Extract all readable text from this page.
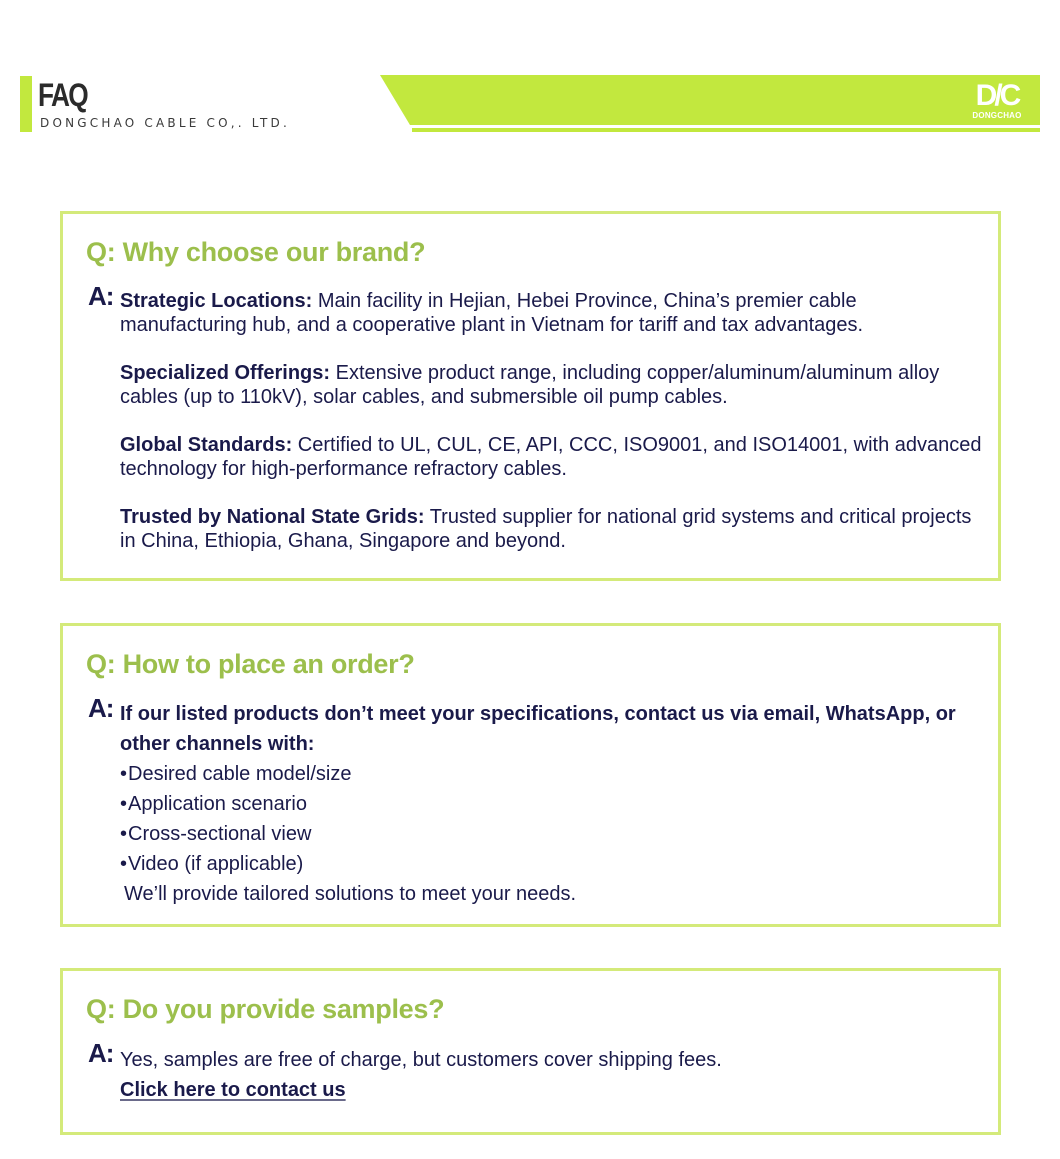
FAQ
DONGCHAO CABLE CO,. LTD.
D/C
DONGCHAO
Q: Why choose our brand?
A: Strategic Locations: Main facility in Hejian, Hebei Province, China’s premier cable manufacturing hub, and a cooperative plant in Vietnam for tariff and tax advantages.

Specialized Offerings: Extensive product range, including copper/aluminum/aluminum alloy cables (up to 110kV), solar cables, and submersible oil pump cables.

Global Standards: Certified to UL, CUL, CE, API, CCC, ISO9001, and ISO14001, with advanced technology for high-performance refractory cables.

Trusted by National State Grids: Trusted supplier for national grid systems and critical projects in China, Ethiopia, Ghana, Singapore and beyond.

Q: How to place an order?
A: If our listed products don’t meet your specifications, contact us via email, WhatsApp, or other channels with:
•Desired cable model/size
•Application scenario
•Cross-sectional view
•Video (if applicable)
We’ll provide tailored solutions to meet your needs.
Q: Do you provide samples?
A: Yes, samples are free of charge, but customers cover shipping fees.
Click here to contact us
